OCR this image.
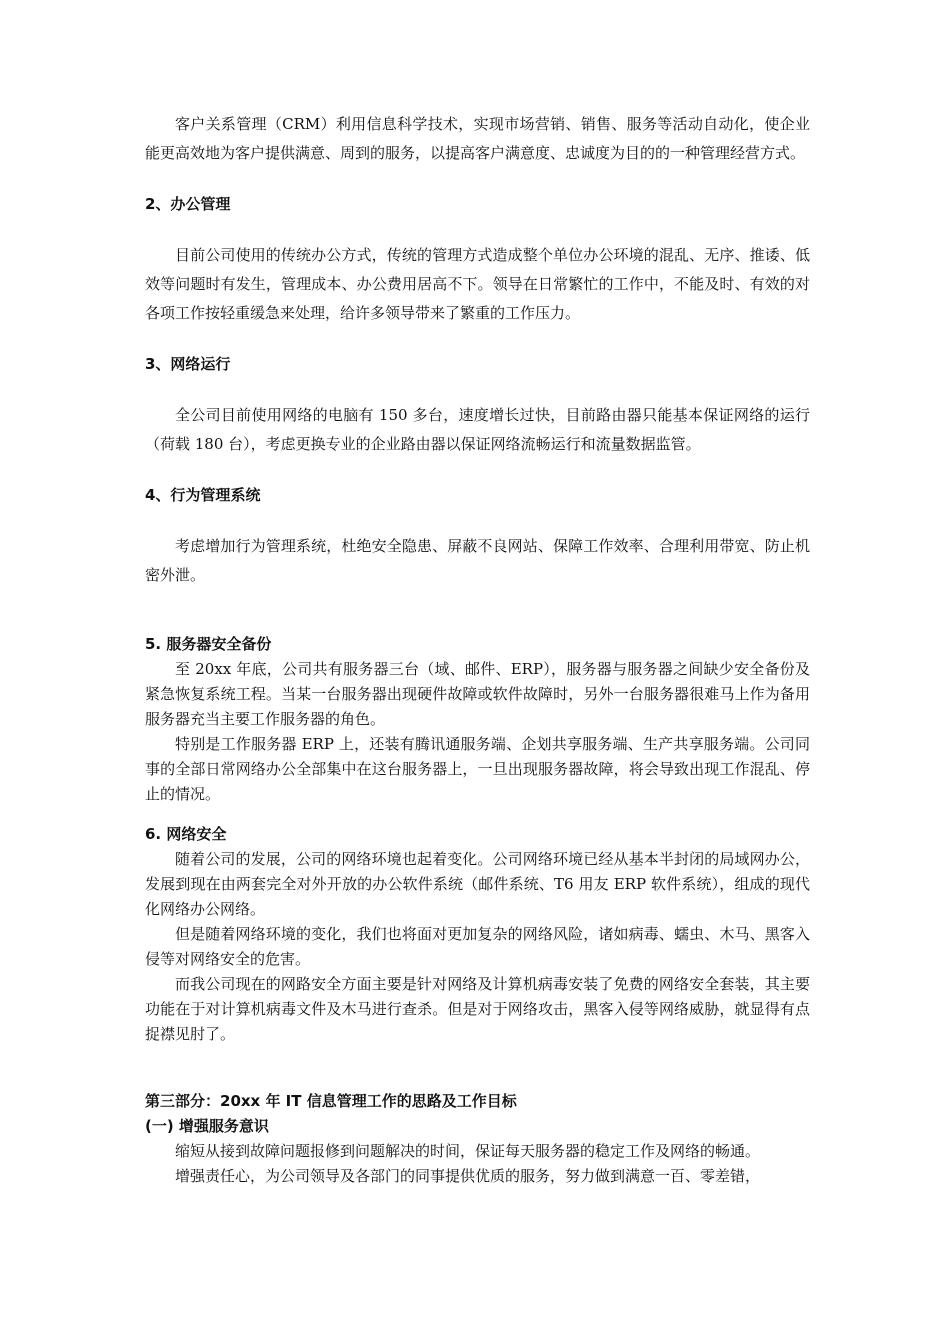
客户关系管理（CRM）利用信息科学技术，实现市场营销、销售、服务等活动自动化，使企业能更高效地为客户提供满意、周到的服务，以提高客户满意度、忠诚度为目的的一种管理经营方式。

2、办公管理

目前公司使用的传统办公方式，传统的管理方式造成整个单位办公环境的混乱、无序、推诿、低效等问题时有发生，管理成本、办公费用居高不下。领导在日常繁忙的工作中，不能及时、有效的对各项工作按轻重缓急来处理，给许多领导带来了繁重的工作压力。

3、网络运行

全公司目前使用网络的电脑有 150 多台，速度增长过快，目前路由器只能基本保证网络的运行（荷载 180 台），考虑更换专业的企业路由器以保证网络流畅运行和流量数据监管。

4、行为管理系统

考虑增加行为管理系统，杜绝安全隐患、屏蔽不良网站、保障工作效率、合理利用带宽、防止机密外泄。

5. 服务器安全备份

至 20xx 年底，公司共有服务器三台（域、邮件、ERP），服务器与服务器之间缺少安全备份及紧急恢复系统工程。当某一台服务器出现硬件故障或软件故障时，另外一台服务器很难马上作为备用服务器充当主要工作服务器的角色。

特别是工作服务器 ERP 上，还装有腾讯通服务端、企划共享服务端、生产共享服务端。公司同事的全部日常网络办公全部集中在这台服务器上，一旦出现服务器故障，将会导致出现工作混乱、停止的情况。

6. 网络安全

随着公司的发展，公司的网络环境也起着变化。公司网络环境已经从基本半封闭的局域网办公，发展到现在由两套完全对外开放的办公软件系统（邮件系统、T6 用友 ERP 软件系统），组成的现代化网络办公网络。

但是随着网络环境的变化，我们也将面对更加复杂的网络风险，诸如病毒、蠕虫、木马、黑客入侵等对网络安全的危害。

而我公司现在的网路安全方面主要是针对网络及计算机病毒安装了免费的网络安全套装，其主要功能在于对计算机病毒文件及木马进行查杀。但是对于网络攻击，黑客入侵等网络威胁，就显得有点捉襟见肘了。

第三部分：20xx 年 IT 信息管理工作的思路及工作目标
(一) 增强服务意识

缩短从接到故障问题报修到问题解决的时间，保证每天服务器的稳定工作及网络的畅通。

增强责任心，为公司领导及各部门的同事提供优质的服务，努力做到满意一百、零差错，
